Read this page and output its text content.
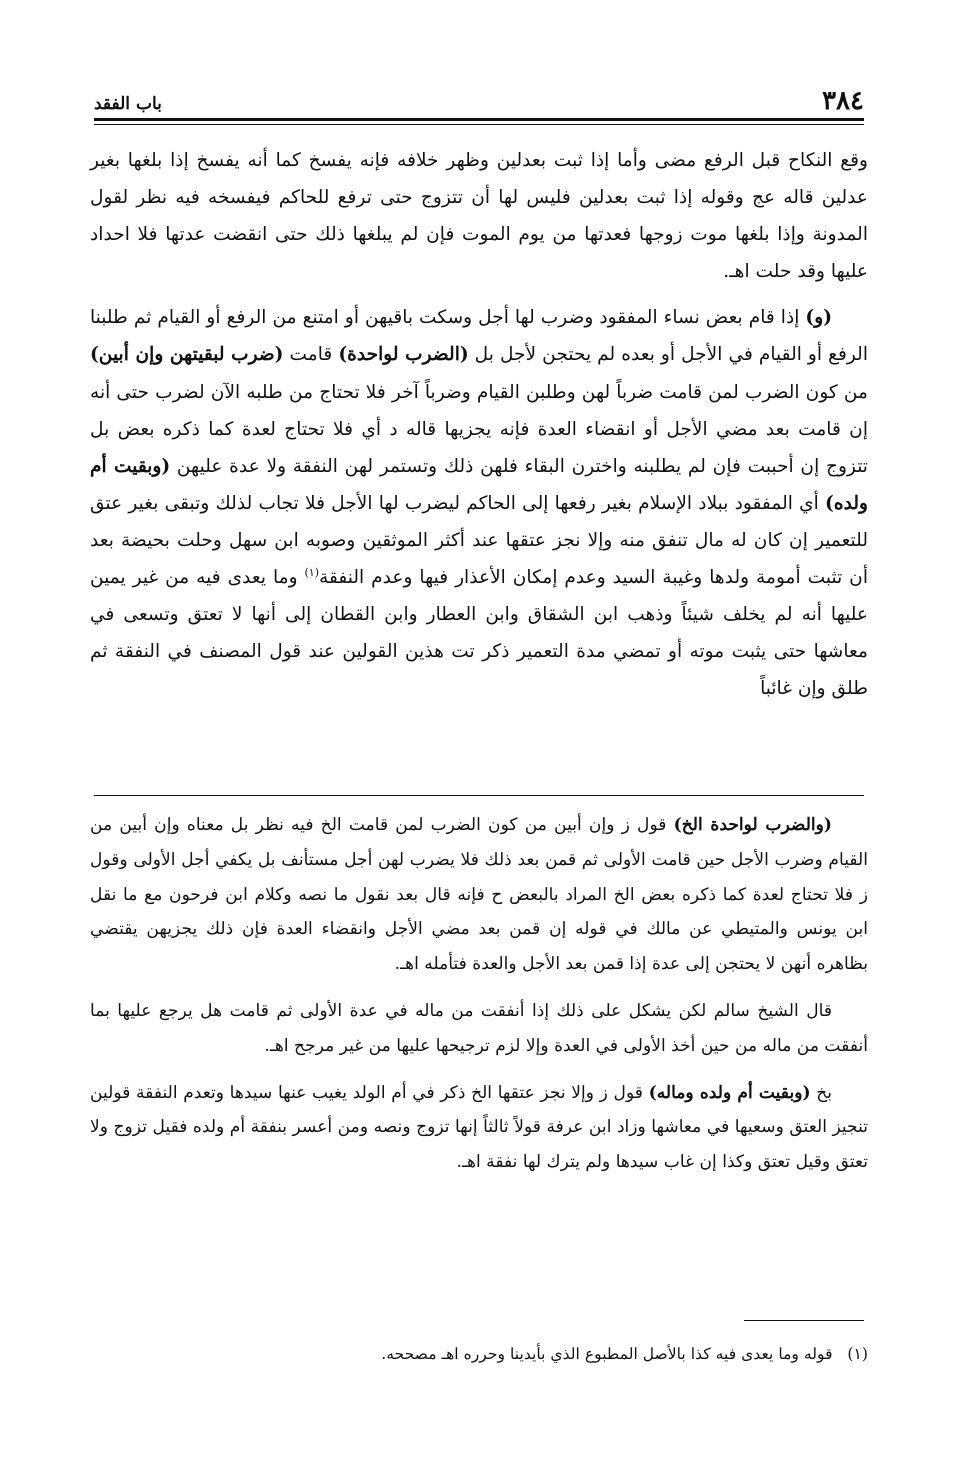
٣٨٤
باب الفقد

وقع النكاح قبل الرفع مضى وأما إذا ثبت بعدلين وظهر خلافه فإنه يفسخ كما أنه يفسخ إذا بلغها بغير عدلين قاله عج وقوله إذا ثبت بعدلين فليس لها أن تتزوج حتى ترفع للحاكم فيفسخه فيه نظر لقول المدونة وإذا بلغها موت زوجها فعدتها من يوم الموت فإن لم يبلغها ذلك حتى انقضت عدتها فلا احداد عليها وقد حلت اهـ.

(و) إذا قام بعض نساء المفقود وضرب لها أجل وسكت باقيهن أو امتنع من الرفع أو القيام ثم طلبنا الرفع أو القيام في الأجل أو بعده لم يحتجن لأجل بل (الضرب لواحدة) قامت (ضرب لبقيتهن وإن أبين) من كون الضرب لمن قامت ضرباً لهن وطلبن القيام وضرباً آخر فلا تحتاج من طلبه الآن لضرب حتى أنه إن قامت بعد مضي الأجل أو انقضاء العدة فإنه يجزيها قاله د أي فلا تحتاج لعدة كما ذكره بعض بل تتزوج إن أحببت فإن لم يطلبنه واخترن البقاء فلهن ذلك وتستمر لهن النفقة ولا عدة عليهن (وبقيت أم ولده) أي المفقود ببلاد الإسلام بغير رفعها إلى الحاكم ليضرب لها الأجل فلا تجاب لذلك وتبقى بغير عتق للتعمير إن كان له مال تنفق منه وإلا نجز عتقها عند أكثر الموثقين وصوبه ابن سهل وحلت بحيضة بعد أن تثبت أمومة ولدها وغيبة السيد وعدم إمكان الأعذار فيها وعدم النفقة$^{(١)}$ وما يعدى فيه من غير يمين عليها أنه لم يخلف شيئاً وذهب ابن الشقاق وابن العطار وابن القطان إلى أنها لا تعتق وتسعى في معاشها حتى يثبت موته أو تمضي مدة التعمير ذكر تت هذين القولين عند قول المصنف في النفقة ثم طلق وإن غائباً

(والضرب لواحدة الخ) قول ز وإن أبين من كون الضرب لمن قامت الخ فيه نظر بل معناه وإن أبين من القيام وضرب الأجل حين قامت الأولى ثم قمن بعد ذلك فلا يضرب لهن أجل مستأنف بل يكفي أجل الأولى وقول ز فلا تحتاج لعدة كما ذكره بعض الخ المراد بالبعض ح فإنه قال بعد نقول ما نصه وكلام ابن فرحون مع ما نقل ابن يونس والمتيطي عن مالك في قوله إن قمن بعد مضي الأجل وانقضاء العدة فإن ذلك يجزيهن يقتضي بظاهره أنهن لا يحتجن إلى عدة إذا قمن بعد الأجل والعدة فتأمله اهـ.

قال الشيخ سالم لكن يشكل على ذلك إذا أنفقت من ماله في عدة الأولى ثم قامت هل يرجع عليها بما أنفقت من ماله من حين أخذ الأولى في العدة وإلا لزم ترجيحها عليها من غير مرجح اهـ.

بخ (وبقيت أم ولده وماله) قول ز وإلا نجز عتقها الخ ذكر في أم الولد يغيب عنها سيدها وتعدم النفقة قولين تنجيز العتق وسعيها في معاشها وزاد ابن عرفة قولاً ثالثاً إنها تزوج ونصه ومن أعسر بنفقة أم ولده فقيل تزوج ولا تعتق وقيل تعتق وكذا إن غاب سيدها ولم يترك لها نفقة اهـ.

(١)   قوله وما يعدى فيه كذا بالأصل المطبوع الذي بأيدينا وحرره اهـ مصححه.
